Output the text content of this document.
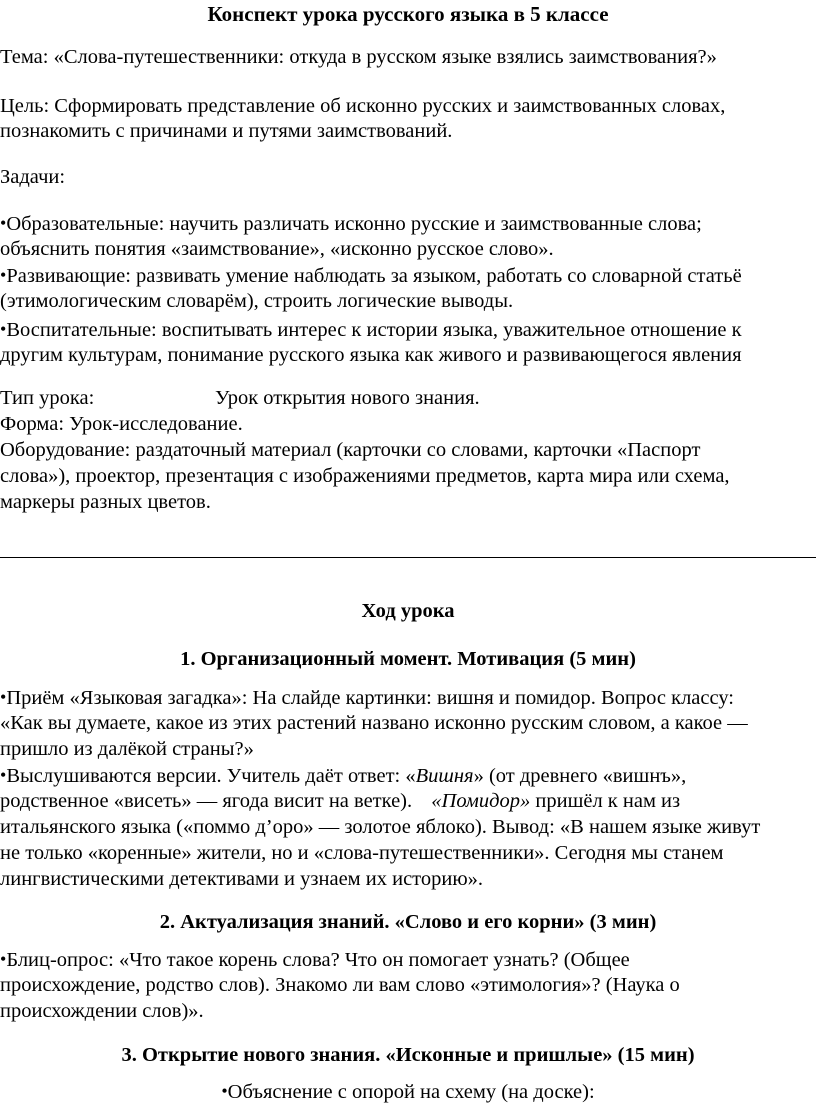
Конспект урока русского языка в 5 классе
Тема: «Слова-путешественники: откуда в русском языке взялись заимствования?»
Цель: Сформировать представление об исконно русских и заимствованных словах,
познакомить с причинами и путями заимствований.
Задачи:
•Образовательные: научить различать исконно русские и заимствованные слова;
объяснить понятия «заимствование», «исконно русское слово».
•Развивающие: развивать умение наблюдать за языком, работать со словарной статьё
(этимологическим словарём), строить логические выводы.
•Воспитательные: воспитывать интерес к истории языка, уважительное отношение к
другим культурам, понимание русского языка как живого и развивающегося явления
Тип урока:	Урок открытия нового знания.
Форма: Урок-исследование.
Оборудование: раздаточный материал (карточки со словами, карточки «Паспорт
слова»), проектор, презентация с изображениями предметов, карта мира или схема,
маркеры разных цветов.
Ход урока
1. Организационный момент. Мотивация (5 мин)
•Приём «Языковая загадка»: На слайде картинки: вишня и помидор. Вопрос классу:
«Как вы думаете, какое из этих растений названо исконно русским словом, а какое —
пришло из далёкой страны?»
•Выслушиваются версии. Учитель даёт ответ: «Вишня» (от древнего «вишнъ»,
родственное «висеть» — ягода висит на ветке). «Помидор» пришёл к нам из
итальянского языка («поммо д’оро» — золотое яблоко). Вывод: «В нашем языке живут
не только «коренные» жители, но и «слова-путешественники». Сегодня мы станем
лингвистическими детективами и узнаем их историю».
2. Актуализация знаний. «Слово и его корни» (3 мин)
•Блиц-опрос: «Что такое корень слова? Что он помогает узнать? (Общее
происхождение, родство слов). Знакомо ли вам слово «этимология»? (Наука о
происхождении слов)».
3. Открытие нового знания. «Исконные и пришлые» (15 мин)
•Объяснение с опорой на схему (на доске):
